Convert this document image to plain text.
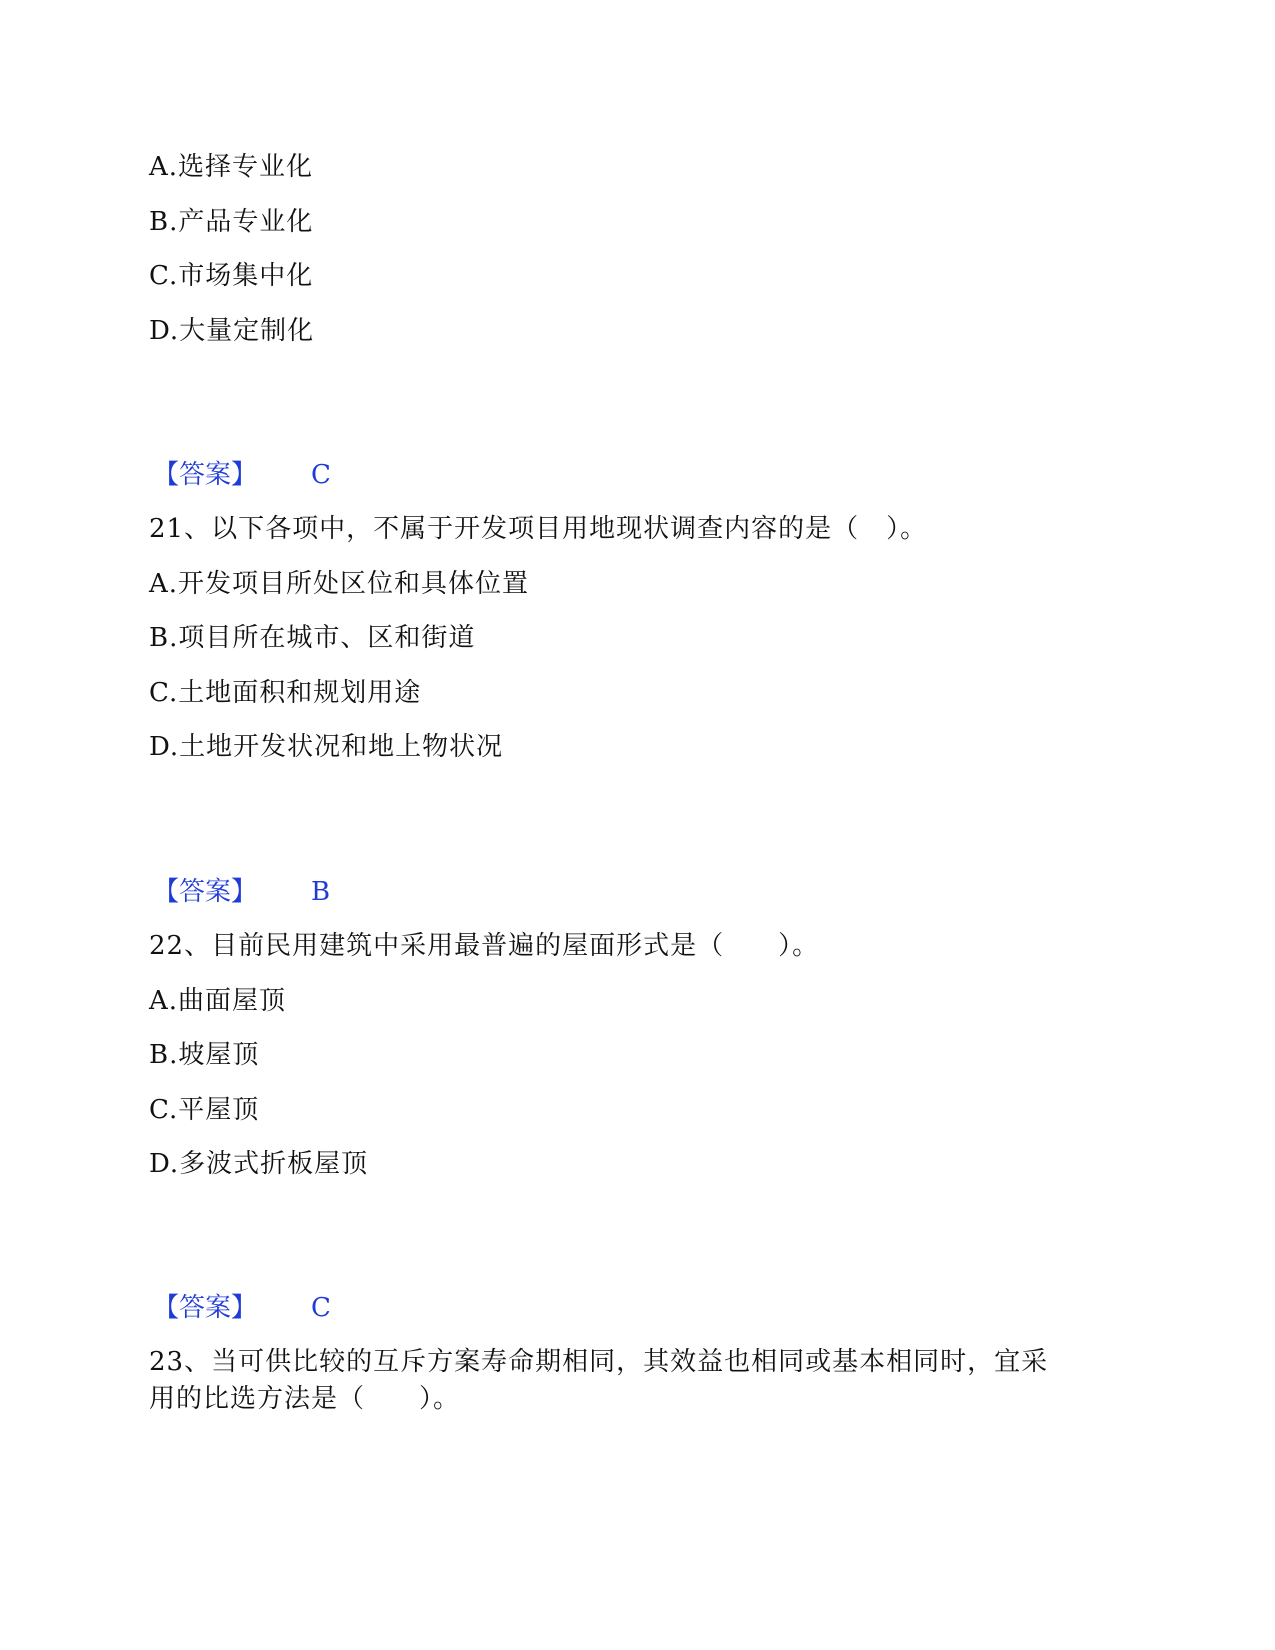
A.选择专业化
B.产品专业化
C.市场集中化
D.大量定制化
【答案】 C
21、以下各项中，不属于开发项目用地现状调查内容的是（　）。
A.开发项目所处区位和具体位置
B.项目所在城市、区和街道
C.土地面积和规划用途
D.土地开发状况和地上物状况
【答案】 B
22、目前民用建筑中采用最普遍的屋面形式是（　　）。
A.曲面屋顶
B.坡屋顶
C.平屋顶
D.多波式折板屋顶
【答案】 C
23、当可供比较的互斥方案寿命期相同，其效益也相同或基本相同时，宜采
用的比选方法是（　　）。
